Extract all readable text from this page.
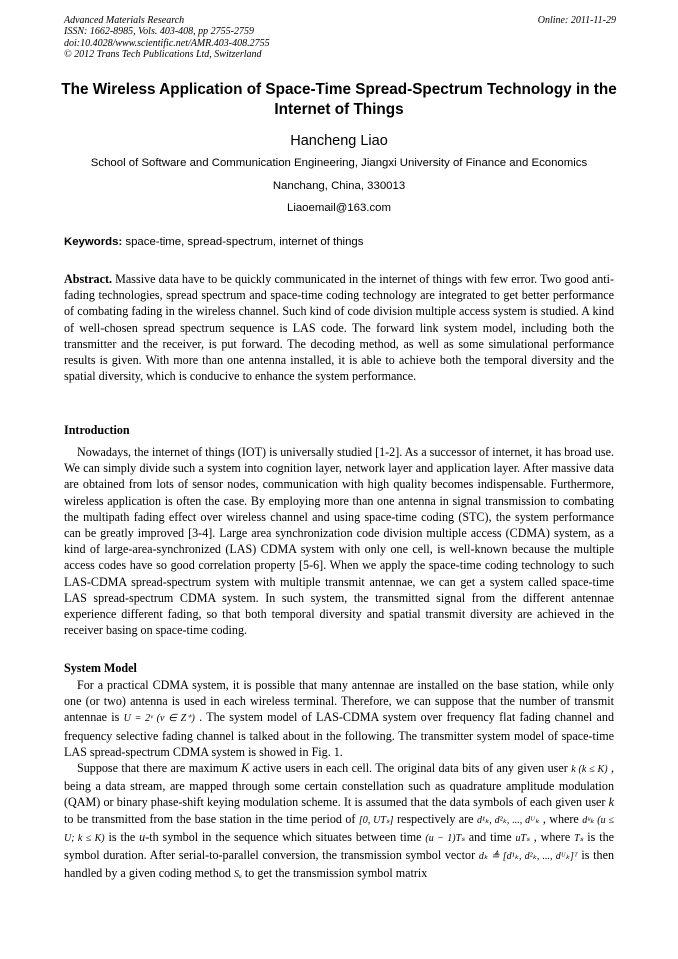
Advanced Materials Research
ISSN: 1662-8985, Vols. 403-408, pp 2755-2759
doi:10.4028/www.scientific.net/AMR.403-408.2755
© 2012 Trans Tech Publications Ltd, Switzerland
Online: 2011-11-29
The Wireless Application of Space-Time Spread-Spectrum Technology in the Internet of Things
Hancheng Liao
School of Software and Communication Engineering, Jiangxi University of Finance and Economics
Nanchang, China, 330013
Liaoemail@163.com
Keywords: space-time, spread-spectrum, internet of things

Abstract. Massive data have to be quickly communicated in the internet of things with few error. Two good anti-fading technologies, spread spectrum and space-time coding technology are integrated to get better performance of combating fading in the wireless channel. Such kind of code division multiple access system is studied. A kind of well-chosen spread spectrum sequence is LAS code. The forward link system model, including both the transmitter and the receiver, is put forward. The decoding method, as well as some simulational performance results is given. With more than one antenna installed, it is able to achieve both the temporal diversity and the spatial diversity, which is conducive to enhance the system performance.

Introduction

Nowadays, the internet of things (IOT) is universally studied [1-2]. As a successor of internet, it has broad use. We can simply divide such a system into cognition layer, network layer and application layer. After massive data are obtained from lots of sensor nodes, communication with high quality becomes indispensable. Furthermore, wireless application is often the case. By employing more than one antenna in signal transmission to combating the multipath fading effect over wireless channel and using space-time coding (STC), the system performance can be greatly improved [3-4]. Large area synchronization code division multiple access (CDMA) system, as a kind of large-area-synchronized (LAS) CDMA system with only one cell, is well-known because the multiple access codes have so good correlation property [5-6]. When we apply the space-time coding technology to such LAS-CDMA spread-spectrum system with multiple transmit antennae, we can get a system called space-time LAS spread-spectrum CDMA system. In such system, the transmitted signal from the different antennae experience different fading, so that both temporal diversity and spatial transmit diversity are achieved in the receiver basing on space-time coding.

System Model

For a practical CDMA system, it is possible that many antennae are installed on the base station, while only one (or two) antenna is used in each wireless terminal. Therefore, we can suppose that the number of transmit antennae is U = 2ᵛ (v ∈ Z⁺) . The system model of LAS-CDMA system over frequency flat fading channel and frequency selective fading channel is talked about in the following. The transmitter system model of space-time LAS spread-spectrum CDMA system is showed in Fig. 1.

Suppose that there are maximum K active users in each cell. The original data bits of any given user k (k ≤ K) , being a data stream, are mapped through some certain constellation such as quadrature amplitude modulation (QAM) or binary phase-shift keying modulation scheme. It is assumed that the data symbols of each given user k to be transmitted from the base station in the time period of [0, UTₛ] respectively are d¹ₖ, d²ₖ, ..., dᵁₖ , where dᵘₖ (u ≤ U; k ≤ K) is the u-th symbol in the sequence which situates between time (u − 1)Tₛ and time uTₛ , where Tₛ is the symbol duration. After serial-to-parallel conversion, the transmission symbol vector dₖ ≜ [d¹ₖ, d²ₖ, ..., dᵁₖ]ᵀ is then handled by a given coding method Sᵤ to get the transmission symbol matrix
